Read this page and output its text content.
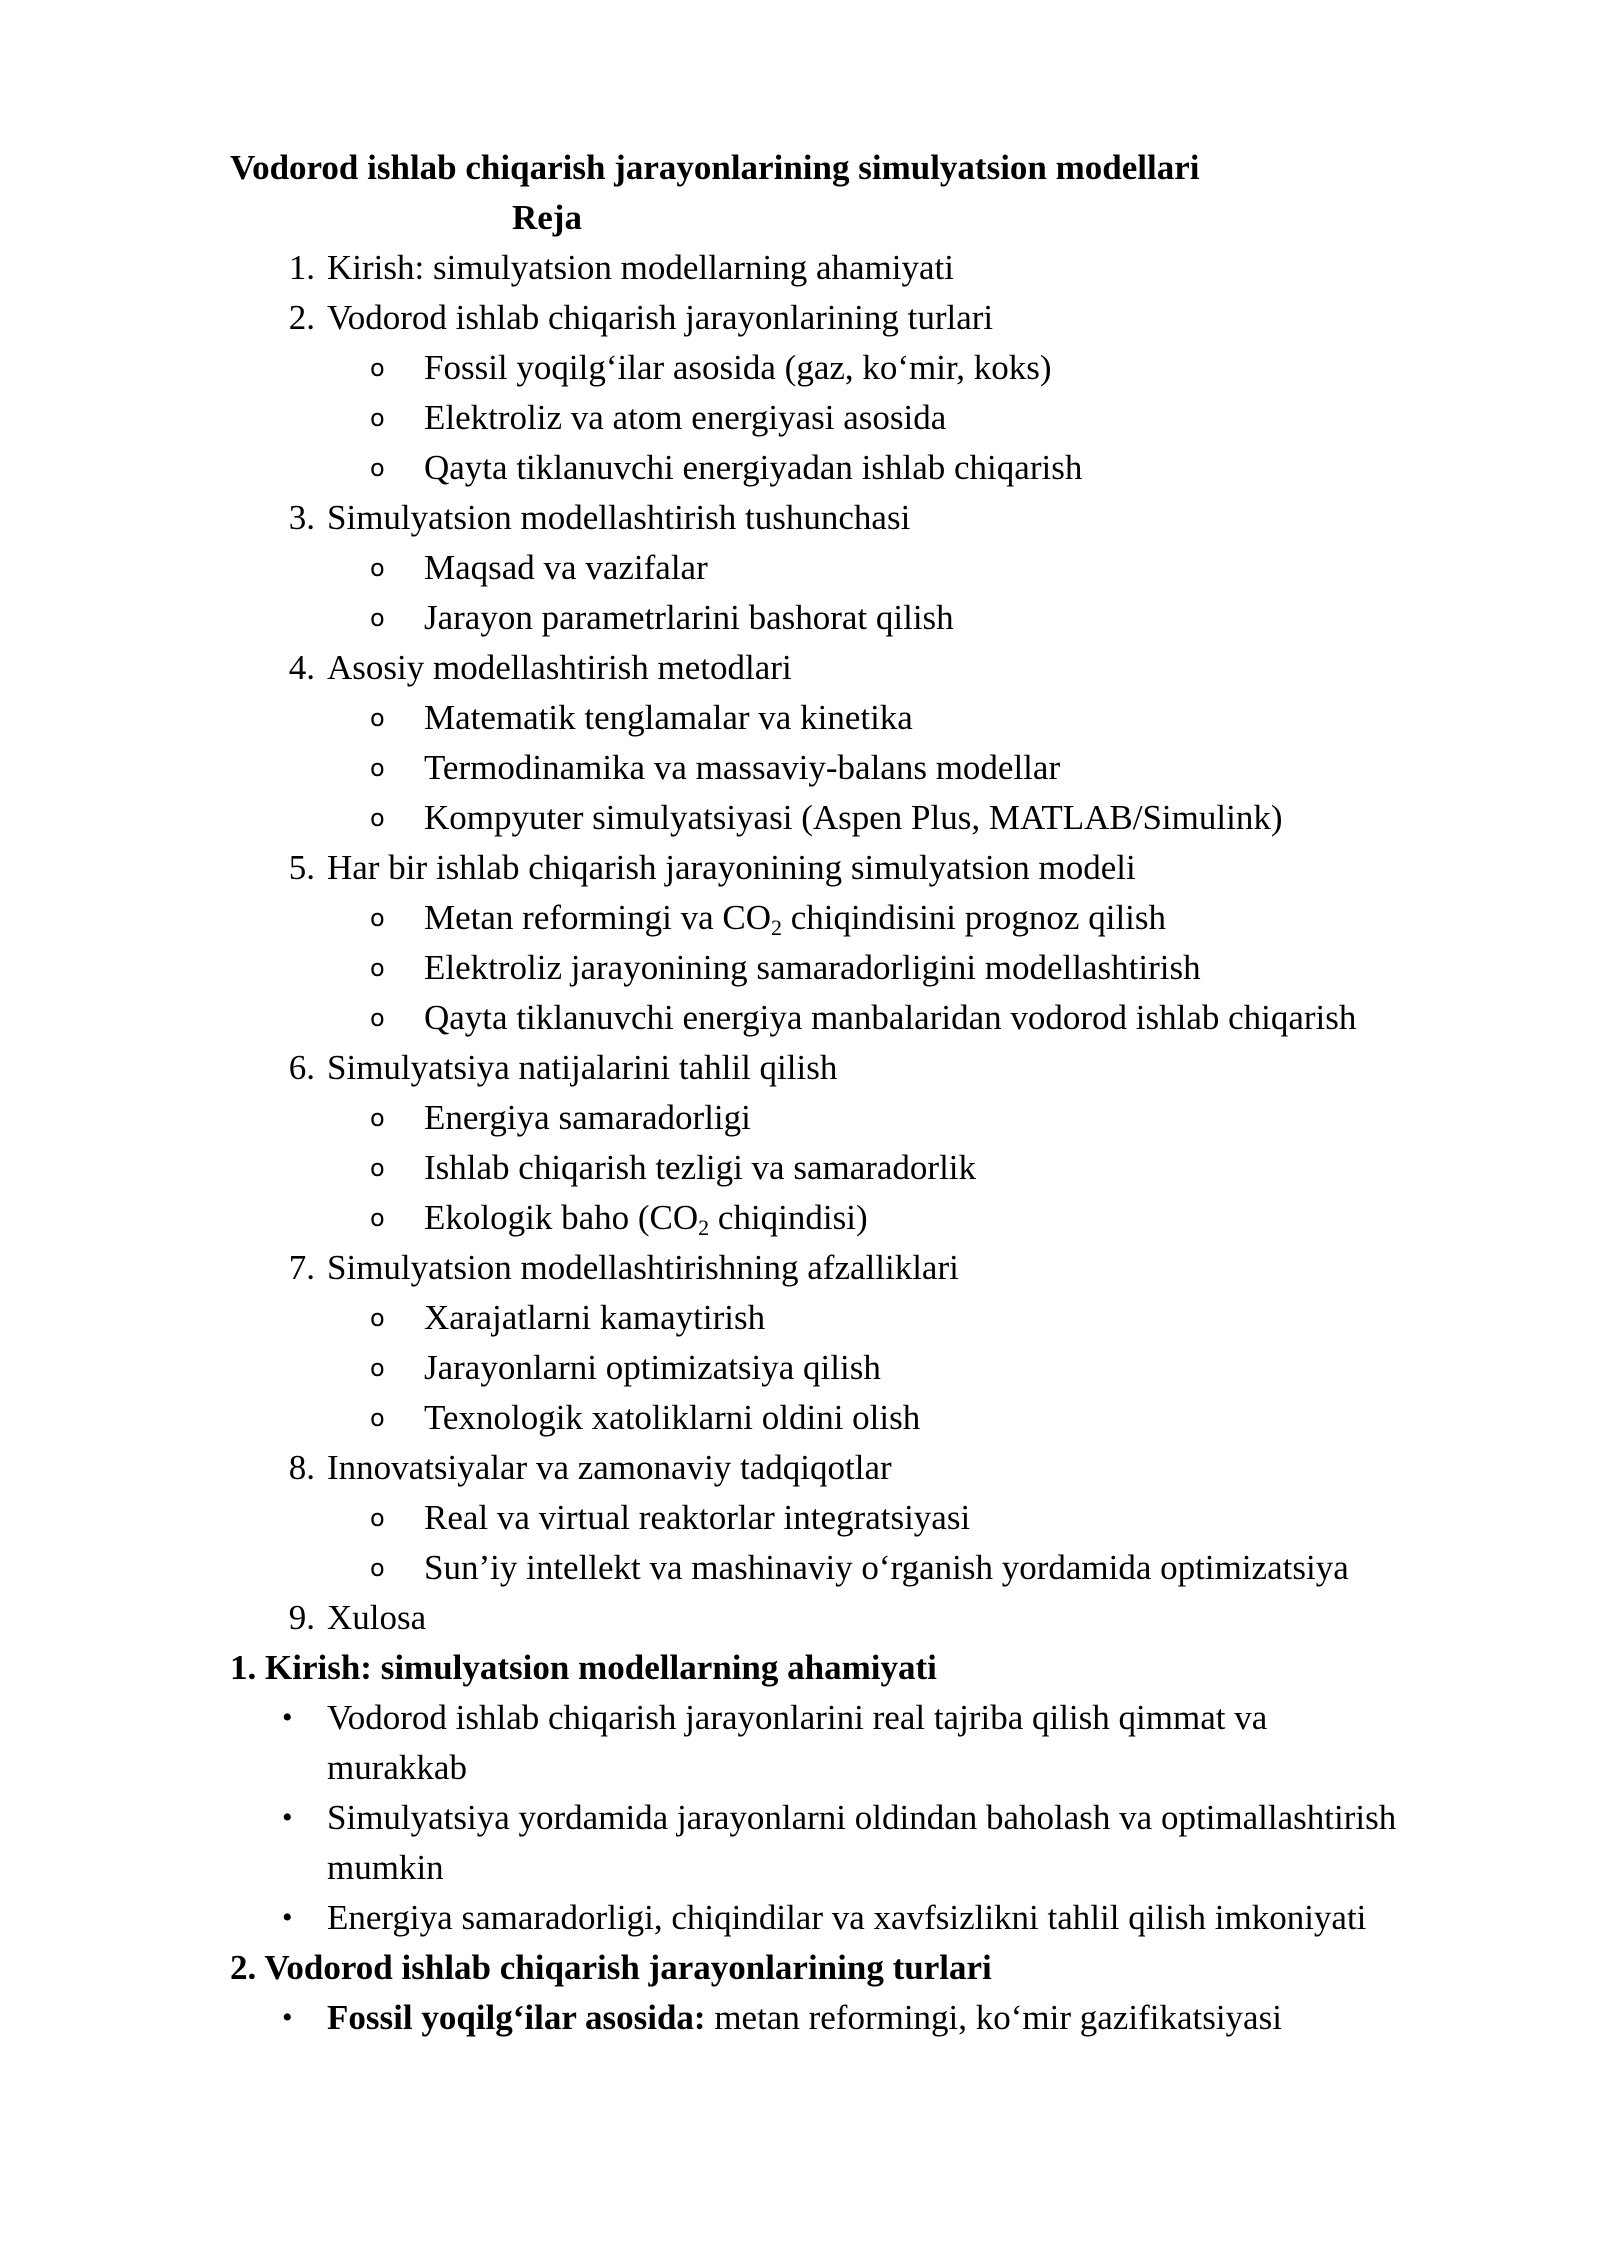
Vodorod ishlab chiqarish jarayonlarining simulyatsion modellari
Reja
1. Kirish: simulyatsion modellarning ahamiyati
2. Vodorod ishlab chiqarish jarayonlarining turlari
o Fossil yoqilg‘ilar asosida (gaz, ko‘mir, koks)
o Elektroliz va atom energiyasi asosida
o Qayta tiklanuvchi energiyadan ishlab chiqarish
3. Simulyatsion modellashtirish tushunchasi
o Maqsad va vazifalar
o Jarayon parametrlarini bashorat qilish
4. Asosiy modellashtirish metodlari
o Matematik tenglamalar va kinetika
o Termodinamika va massaviy-balans modellar
o Kompyuter simulyatsiyasi (Aspen Plus, MATLAB/Simulink)
5. Har bir ishlab chiqarish jarayonining simulyatsion modeli
o Metan reformingi va $CO_2$ chiqindisini prognoz qilish
o Elektroliz jarayonining samaradorligini modellashtirish
o Qayta tiklanuvchi energiya manbalaridan vodorod ishlab chiqarish
6. Simulyatsiya natijalarini tahlil qilish
o Energiya samaradorligi
o Ishlab chiqarish tezligi va samaradorlik
o Ekologik baho ($CO_2$ chiqindisi)
7. Simulyatsion modellashtirishning afzalliklari
o Xarajatlarni kamaytirish
o Jarayonlarni optimizatsiya qilish
o Texnologik xatoliklarni oldini olish
8. Innovatsiyalar va zamonaviy tadqiqotlar
o Real va virtual reaktorlar integratsiyasi
o Sun’iy intellekt va mashinaviy o‘rganish yordamida optimizatsiya
9. Xulosa
1. Kirish: simulyatsion modellarning ahamiyati
• Vodorod ishlab chiqarish jarayonlarini real tajriba qilish qimmat va
murakkab
• Simulyatsiya yordamida jarayonlarni oldindan baholash va optimallashtirish
mumkin
• Energiya samaradorligi, chiqindilar va xavfsizlikni tahlil qilish imkoniyati
2. Vodorod ishlab chiqarish jarayonlarining turlari
• Fossil yoqilg‘ilar asosida: metan reformingi, ko‘mir gazifikatsiyasi
